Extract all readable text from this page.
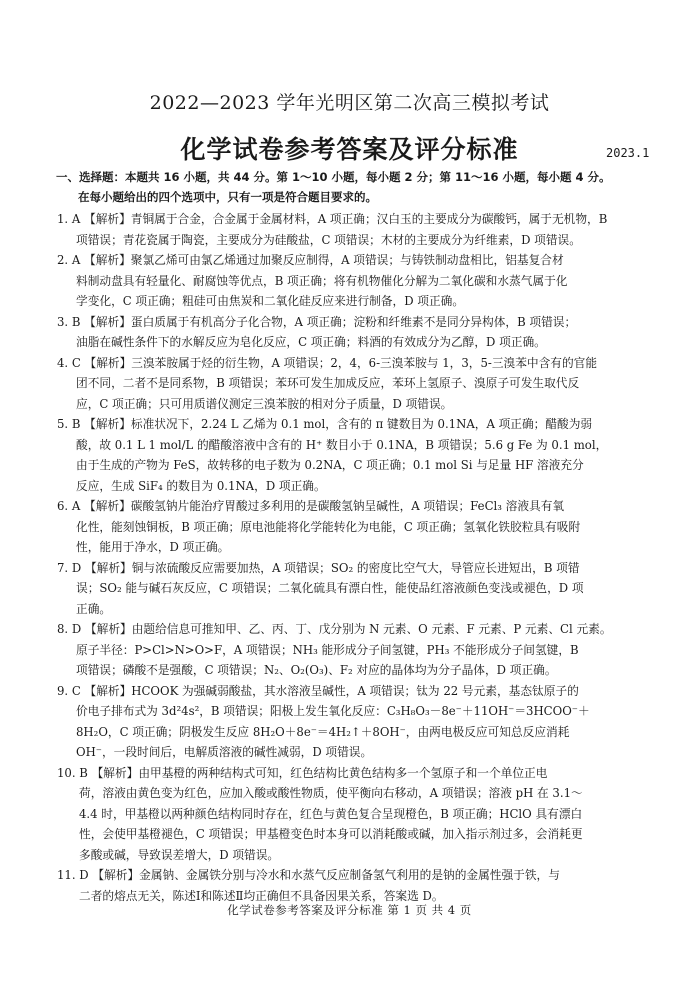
2022—2023 学年光明区第二次高三模拟考试
化学试卷参考答案及评分标准	2023.1
一、选择题：本题共 16 小题，共 44 分。第 1～10 小题，每小题 2 分；第 11～16 小题，每小题 4 分。
在每小题给出的四个选项中，只有一项是符合题目要求的。
1. A 【解析】青铜属于合金，合金属于金属材料，A 项正确；汉白玉的主要成分为碳酸钙，属于无机物，B
项错误；青花瓷属于陶瓷，主要成分为硅酸盐，C 项错误；木材的主要成分为纤维素，D 项错误。
2. A 【解析】聚氯乙烯可由氯乙烯通过加聚反应制得，A 项错误；与铸铁制动盘相比，铝基复合材
料制动盘具有轻量化、耐腐蚀等优点，B 项正确；将有机物催化分解为二氧化碳和水蒸气属于化
学变化，C 项正确；粗硅可由焦炭和二氧化硅反应来进行制备，D 项正确。
3. B 【解析】蛋白质属于有机高分子化合物，A 项正确；淀粉和纤维素不是同分异构体，B 项错误；
油脂在碱性条件下的水解反应为皂化反应，C 项正确；料酒的有效成分为乙醇，D 项正确。
4. C 【解析】三溴苯胺属于烃的衍生物，A 项错误；2，4，6-三溴苯胺与 1，3，5-三溴苯中含有的官能
团不同，二者不是同系物，B 项错误；苯环可发生加成反应，苯环上氢原子、溴原子可发生取代反
应，C 项正确；只可用质谱仪测定三溴苯胺的相对分子质量，D 项错误。
5. B 【解析】标准状况下，2.24 L 乙烯为 0.1 mol，含有的 π 键数目为 0.1NA，A 项正确；醋酸为弱
酸，故 0.1 L 1 mol/L 的醋酸溶液中含有的 H⁺ 数目小于 0.1NA，B 项错误；5.6 g Fe 为 0.1 mol，
由于生成的产物为 FeS，故转移的电子数为 0.2NA，C 项正确；0.1 mol Si 与足量 HF 溶液充分
反应，生成 SiF₄ 的数目为 0.1NA，D 项正确。
6. A 【解析】碳酸氢钠片能治疗胃酸过多利用的是碳酸氢钠呈碱性，A 项错误；FeCl₃ 溶液具有氧
化性，能刻蚀铜板，B 项正确；原电池能将化学能转化为电能，C 项正确；氢氧化铁胶粒具有吸附
性，能用于净水，D 项正确。
7. D 【解析】铜与浓硫酸反应需要加热，A 项错误；SO₂ 的密度比空气大，导管应长进短出，B 项错
误；SO₂ 能与碱石灰反应，C 项错误；二氧化硫具有漂白性，能使品红溶液颜色变浅或褪色，D 项
正确。
8. D 【解析】由题给信息可推知甲、乙、丙、丁、戊分别为 N 元素、O 元素、F 元素、P 元素、Cl 元素。
原子半径：P>Cl>N>O>F，A 项错误；NH₃ 能形成分子间氢键，PH₃ 不能形成分子间氢键，B
项错误；磷酸不是强酸，C 项错误；N₂、O₂(O₃)、F₂ 对应的晶体均为分子晶体，D 项正确。
9. C 【解析】HCOOK 为强碱弱酸盐，其水溶液呈碱性，A 项错误；钛为 22 号元素，基态钛原子的
价电子排布式为 3d²4s²，B 项错误；阳极上发生氧化反应：C₃H₈O₃－8e⁻＋11OH⁻＝3HCOO⁻＋
8H₂O，C 项正确；阴极发生反应 8H₂O＋8e⁻＝4H₂↑＋8OH⁻，由两电极反应可知总反应消耗
OH⁻，一段时间后，电解质溶液的碱性减弱，D 项错误。
10. B 【解析】由甲基橙的两种结构式可知，红色结构比黄色结构多一个氢原子和一个单位正电
荷，溶液由黄色变为红色，应加入酸或酸性物质，使平衡向右移动，A 项错误；溶液 pH 在 3.1～
4.4 时，甲基橙以两种颜色结构同时存在，红色与黄色复合呈现橙色，B 项正确；HClO 具有漂白
性，会使甲基橙褪色，C 项错误；甲基橙变色时本身可以消耗酸或碱，加入指示剂过多，会消耗更
多酸或碱，导致误差增大，D 项错误。
11. D 【解析】金属钠、金属铁分别与冷水和水蒸气反应制备氢气利用的是钠的金属性强于铁，与
二者的熔点无关，陈述Ⅰ和陈述Ⅱ均正确但不具备因果关系，答案选 D。
化学试卷参考答案及评分标准 第 1 页 共 4 页
